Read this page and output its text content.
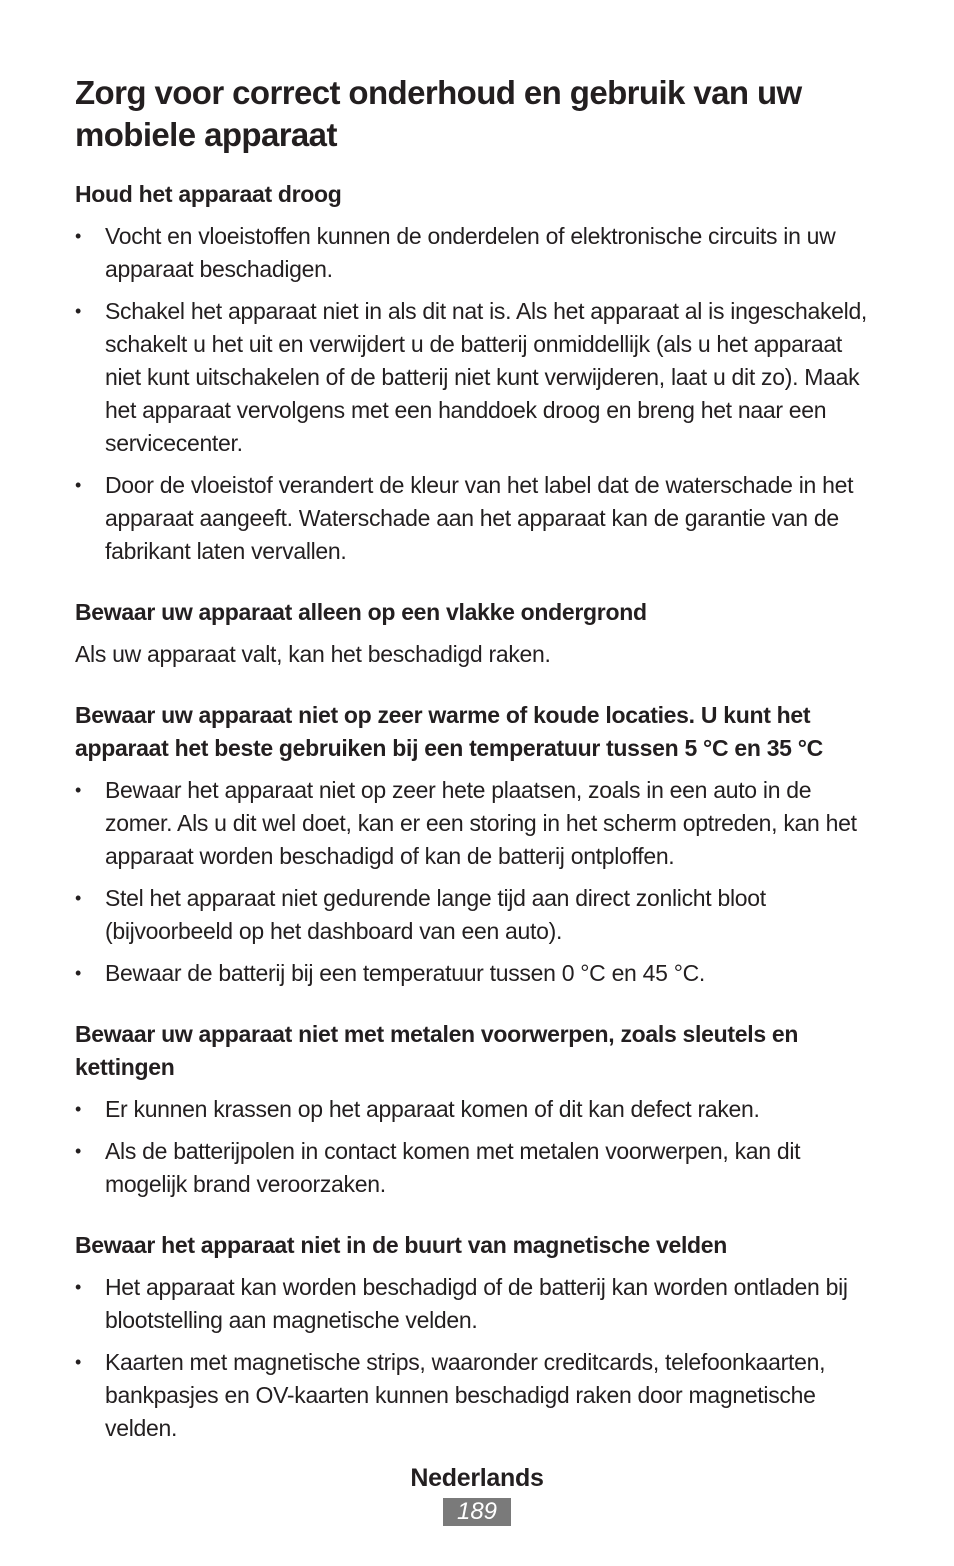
Zorg voor correct onderhoud en gebruik van uw mobiele apparaat
Houd het apparaat droog
• Vocht en vloeistoffen kunnen de onderdelen of elektronische circuits in uw apparaat beschadigen.
• Schakel het apparaat niet in als dit nat is. Als het apparaat al is ingeschakeld, schakelt u het uit en verwijdert u de batterij onmiddellijk (als u het apparaat niet kunt uitschakelen of de batterij niet kunt verwijderen, laat u dit zo). Maak het apparaat vervolgens met een handdoek droog en breng het naar een servicecenter.
• Door de vloeistof verandert de kleur van het label dat de waterschade in het apparaat aangeeft. Waterschade aan het apparaat kan de garantie van de fabrikant laten vervallen.
Bewaar uw apparaat alleen op een vlakke ondergrond

Als uw apparaat valt, kan het beschadigd raken.

Bewaar uw apparaat niet op zeer warme of koude locaties. U kunt het apparaat het beste gebruiken bij een temperatuur tussen 5 °C en 35 °C
• Bewaar het apparaat niet op zeer hete plaatsen, zoals in een auto in de zomer. Als u dit wel doet, kan er een storing in het scherm optreden, kan het apparaat worden beschadigd of kan de batterij ontploffen.
• Stel het apparaat niet gedurende lange tijd aan direct zonlicht bloot (bijvoorbeeld op het dashboard van een auto).
• Bewaar de batterij bij een temperatuur tussen 0 °C en 45 °C.
Bewaar uw apparaat niet met metalen voorwerpen, zoals sleutels en kettingen
• Er kunnen krassen op het apparaat komen of dit kan defect raken.
• Als de batterijpolen in contact komen met metalen voorwerpen, kan dit mogelijk brand veroorzaken.
Bewaar het apparaat niet in de buurt van magnetische velden
• Het apparaat kan worden beschadigd of de batterij kan worden ontladen bij blootstelling aan magnetische velden.
• Kaarten met magnetische strips, waaronder creditcards, telefoonkaarten, bankpasjes en OV-kaarten kunnen beschadigd raken door magnetische velden.
Nederlands
189
